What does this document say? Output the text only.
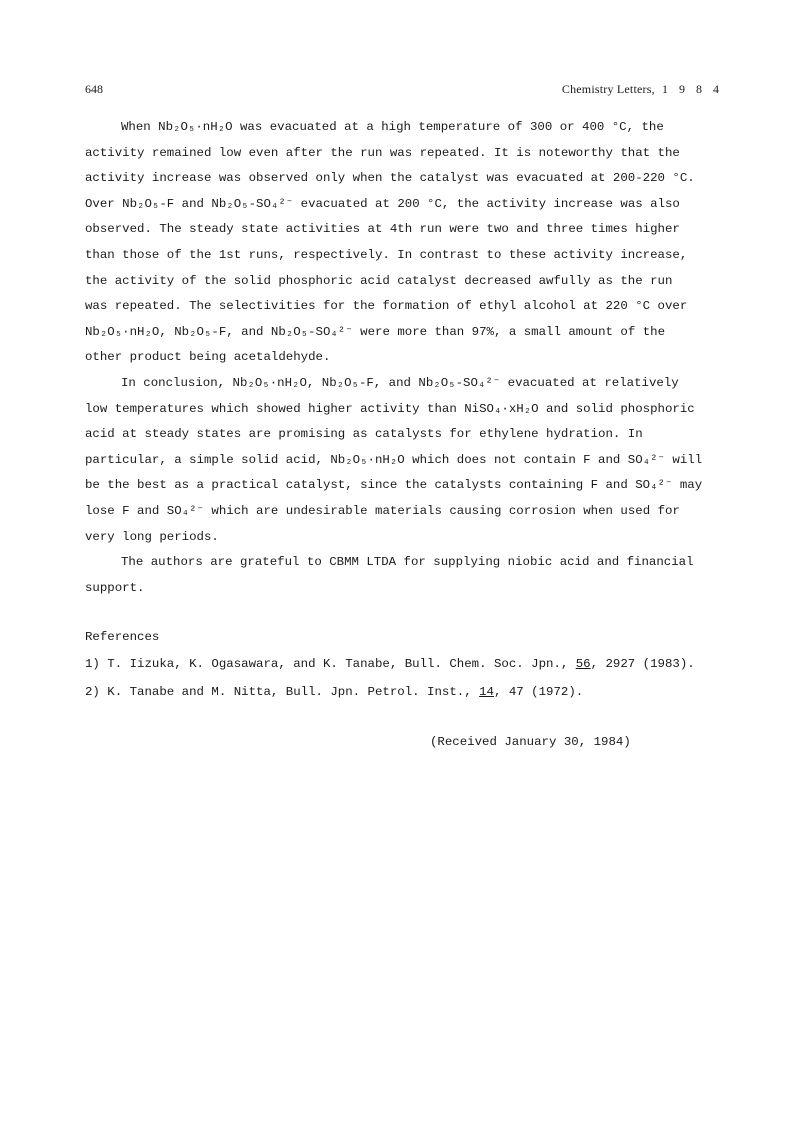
648	Chemistry Letters, 1 9 8 4
When Nb₂O₅·nH₂O was evacuated at a high temperature of 300 or 400 °C, the
activity remained low even after the run was repeated. It is noteworthy that the
activity increase was observed only when the catalyst was evacuated at 200-220 °C.
Over Nb₂O₅-F and Nb₂O₅-SO₄²⁻ evacuated at 200 °C, the activity increase was also
observed. The steady state activities at 4th run were two and three times higher
than those of the 1st runs, respectively. In contrast to these activity increase,
the activity of the solid phosphoric acid catalyst decreased awfully as the run
was repeated. The selectivities for the formation of ethyl alcohol at 220 °C over
Nb₂O₅·nH₂O, Nb₂O₅-F, and Nb₂O₅-SO₄²⁻ were more than 97%, a small amount of the
other product being acetaldehyde.
In conclusion, Nb₂O₅·nH₂O, Nb₂O₅-F, and Nb₂O₅-SO₄²⁻ evacuated at relatively
low temperatures which showed higher activity than NiSO₄·xH₂O and solid phosphoric
acid at steady states are promising as catalysts for ethylene hydration. In
particular, a simple solid acid, Nb₂O₅·nH₂O which does not contain F and SO₄²⁻ will
be the best as a practical catalyst, since the catalysts containing F and SO₄²⁻ may
lose F and SO₄²⁻ which are undesirable materials causing corrosion when used for
very long periods.
The authors are grateful to CBMM LTDA for supplying niobic acid and financial
support.
References
1) T. Iizuka, K. Ogasawara, and K. Tanabe, Bull. Chem. Soc. Jpn., 56, 2927 (1983).
2) K. Tanabe and M. Nitta, Bull. Jpn. Petrol. Inst., 14, 47 (1972).
(Received January 30, 1984)
